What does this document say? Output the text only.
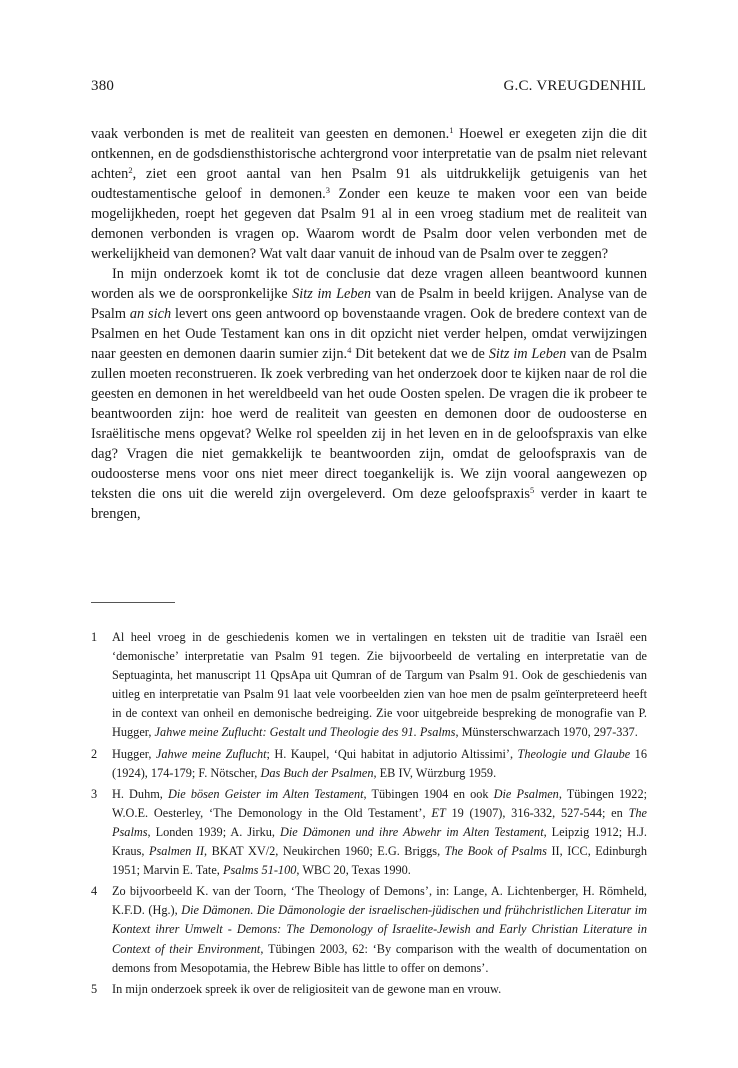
380	G.C. VREUGDENHIL

vaak verbonden is met de realiteit van geesten en demonen.$^1$ Hoewel er exegeten zijn die dit ontkennen, en de godsdiensthistorische achtergrond voor interpretatie van de psalm niet relevant achten$^2$, ziet een groot aantal van hen Psalm 91 als uitdrukkelijk getuigenis van het oudtestamentische geloof in demonen.$^3$ Zonder een keuze te maken voor een van beide mogelijkheden, roept het gegeven dat Psalm 91 al in een vroeg stadium met de realiteit van demonen verbonden is vragen op. Waarom wordt de Psalm door velen verbonden met de werkelijkheid van demonen? Wat valt daar vanuit de inhoud van de Psalm over te zeggen?

In mijn onderzoek komt ik tot de conclusie dat deze vragen alleen beantwoord kunnen worden als we de oorspronkelijke Sitz im Leben van de Psalm in beeld krijgen. Analyse van de Psalm an sich levert ons geen antwoord op bovenstaande vragen. Ook de bredere context van de Psalmen en het Oude Testament kan ons in dit opzicht niet verder helpen, omdat verwijzingen naar geesten en demonen daarin sumier zijn.$^4$ Dit betekent dat we de Sitz im Leben van de Psalm zullen moeten reconstrueren. Ik zoek verbreding van het onderzoek door te kijken naar de rol die geesten en demonen in het wereldbeeld van het oude Oosten spelen. De vragen die ik probeer te beantwoorden zijn: hoe werd de realiteit van geesten en demonen door de oudoosterse en Israëlitische mens opgevat? Welke rol speelden zij in het leven en in de geloofspraxis van elke dag? Vragen die niet gemakkelijk te beantwoorden zijn, omdat de geloofspraxis van de oudoosterse mens voor ons niet meer direct toegankelijk is. We zijn vooral aangewezen op teksten die ons uit die wereld zijn overgeleverd. Om deze geloofspraxis$^5$ verder in kaart te brengen,

1	Al heel vroeg in de geschiedenis komen we in vertalingen en teksten uit de traditie van Israël een ‘demonische’ interpretatie van Psalm 91 tegen. Zie bijvoorbeeld de vertaling en interpretatie van de Septuaginta, het manuscript 11 QpsApa uit Qumran of de Targum van Psalm 91. Ook de geschiedenis van uitleg en interpretatie van Psalm 91 laat vele voorbeelden zien van hoe men de psalm geïnterpreteerd heeft in de context van onheil en demonische bedreiging. Zie voor uitgebreide bespreking de monografie van P. Hugger, Jahwe meine Zuflucht: Gestalt und Theologie des 91. Psalms, Münsterschwarzach 1970, 297-337.
2	Hugger, Jahwe meine Zuflucht; H. Kaupel, ‘Qui habitat in adjutorio Altissimi’, Theologie und Glaube 16 (1924), 174-179; F. Nötscher, Das Buch der Psalmen, EB IV, Würzburg 1959.
3	H. Duhm, Die bösen Geister im Alten Testament, Tübingen 1904 en ook Die Psalmen, Tübingen 1922; W.O.E. Oesterley, ‘The Demonology in the Old Testament’, ET 19 (1907), 316-332, 527-544; en The Psalms, Londen 1939; A. Jirku, Die Dämonen und ihre Abwehr im Alten Testament, Leipzig 1912; H.J. Kraus, Psalmen II, BKAT XV/2, Neukirchen 1960; E.G. Briggs, The Book of Psalms II, ICC, Edinburgh 1951; Marvin E. Tate, Psalms 51-100, WBC 20, Texas 1990.
4	Zo bijvoorbeeld K. van der Toorn, ‘The Theology of Demons’, in: Lange, A. Lichtenberger, H. Römheld, K.F.D. (Hg.), Die Dämonen. Die Dämonologie der israelischen-jüdischen und frühchristlichen Literatur im Kontext ihrer Umwelt - Demons: The Demonology of Israelite-Jewish and Early Christian Literature in Context of their Environment, Tübingen 2003, 62: ‘By comparison with the wealth of documentation on demons from Mesopotamia, the Hebrew Bible has little to offer on demons’.
5	In mijn onderzoek spreek ik over de religiositeit van de gewone man en vrouw.
